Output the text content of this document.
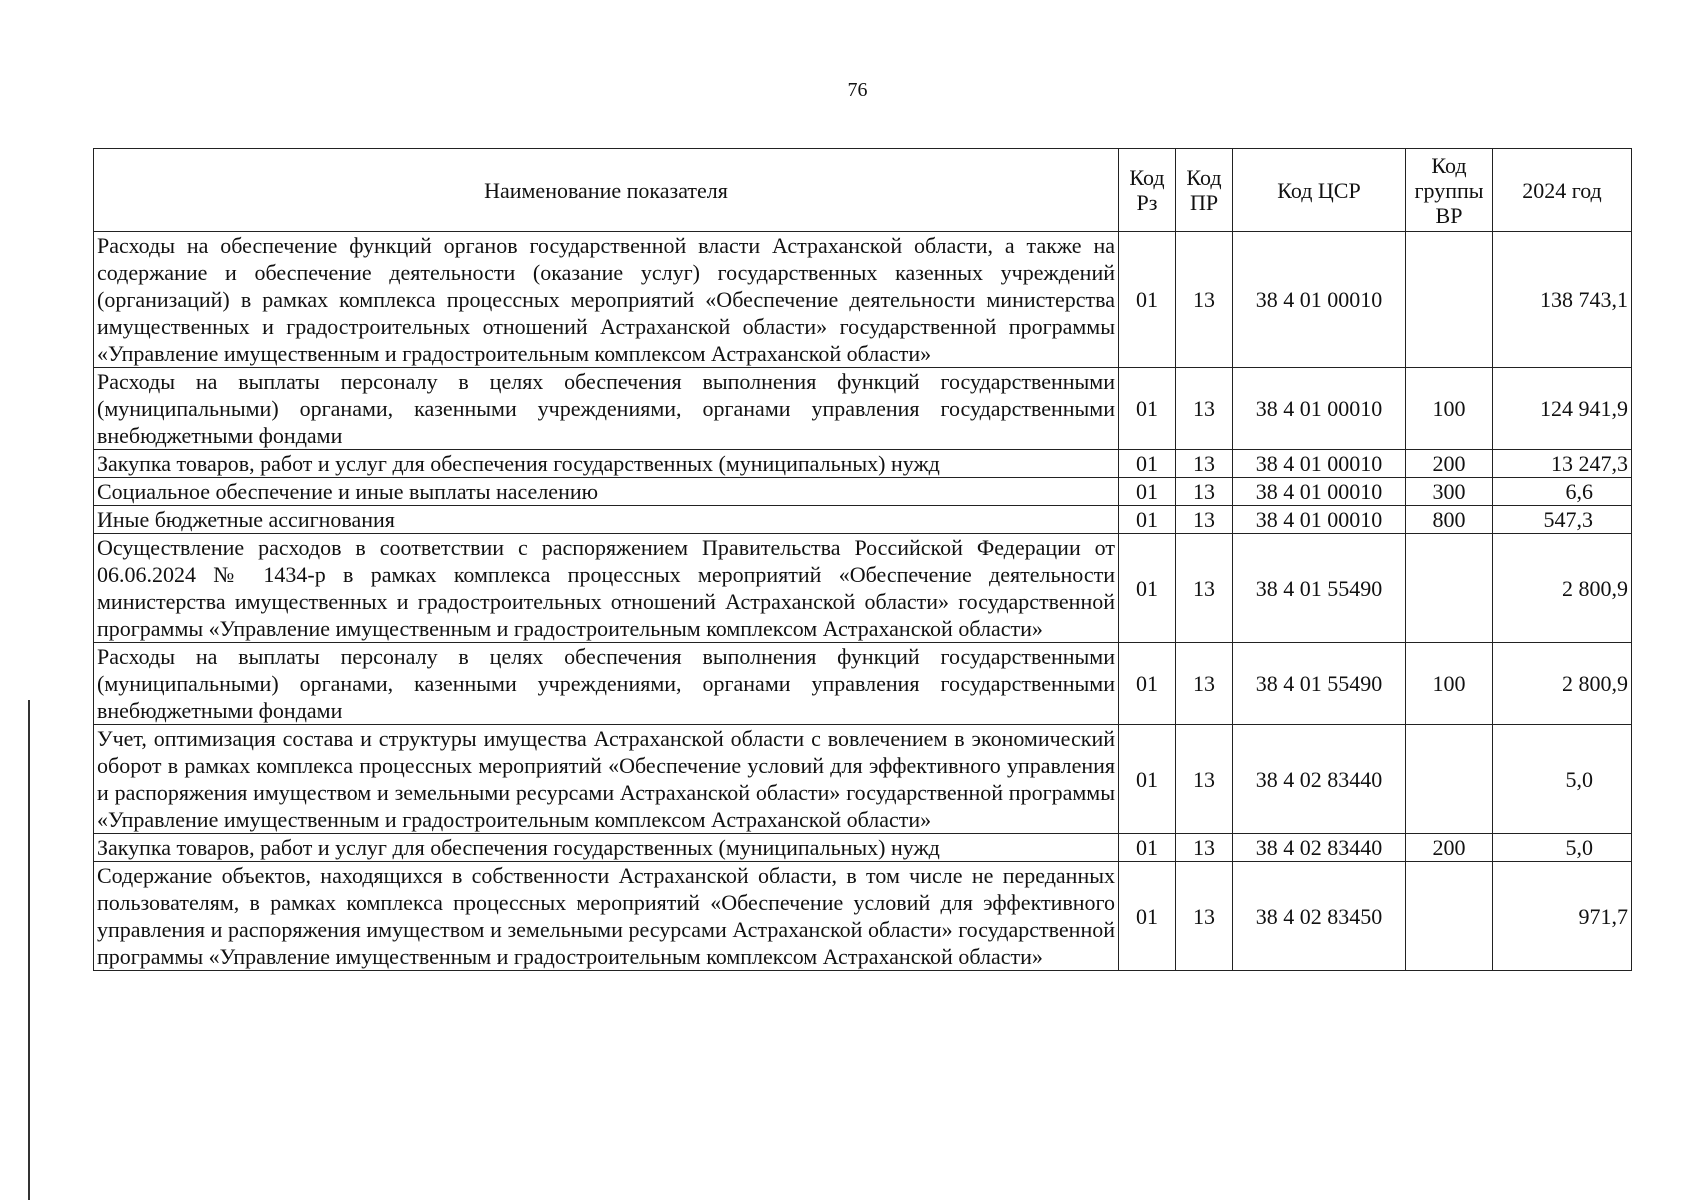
76
Наименование показателя	Код Рз	Код ПР	Код ЦСР	Код группы ВР	2024 год
Расходы на обеспечение функций органов государственной власти Астраханской области, а также на содержание и обеспечение деятельности (оказание услуг) государственных казенных учреждений (организаций) в рамках комплекса процессных мероприятий «Обеспечение деятельности министерства имущественных и градостроительных отношений Астраханской области» государственной программы «Управление имущественным и градостроительным комплексом Астраханской области»	01	13	38 4 01 00010		138 743,1
Расходы на выплаты персоналу в целях обеспечения выполнения функций государственными (муниципальными) органами, казенными учреждениями, органами управления государственными внебюджетными фондами	01	13	38 4 01 00010	100	124 941,9
Закупка товаров, работ и услуг для обеспечения государственных (муниципальных) нужд	01	13	38 4 01 00010	200	13 247,3
Социальное обеспечение и иные выплаты населению	01	13	38 4 01 00010	300	6,6
Иные бюджетные ассигнования	01	13	38 4 01 00010	800	547,3
Осуществление расходов в соответствии с распоряжением Правительства Российской Федерации от 06.06.2024 № 1434-р в рамках комплекса процессных мероприятий «Обеспечение деятельности министерства имущественных и градостроительных отношений Астраханской области» государственной программы «Управление имущественным и градостроительным комплексом Астраханской области»	01	13	38 4 01 55490		2 800,9
Расходы на выплаты персоналу в целях обеспечения выполнения функций государственными (муниципальными) органами, казенными учреждениями, органами управления государственными внебюджетными фондами	01	13	38 4 01 55490	100	2 800,9
Учет, оптимизация состава и структуры имущества Астраханской области с вовлечением в экономический оборот в рамках комплекса процессных мероприятий «Обеспечение условий для эффективного управления и распоряжения имуществом и земельными ресурсами Астраханской области» государственной программы «Управление имущественным и градостроительным комплексом Астраханской области»	01	13	38 4 02 83440		5,0
Закупка товаров, работ и услуг для обеспечения государственных (муниципальных) нужд	01	13	38 4 02 83440	200	5,0
Содержание объектов, находящихся в собственности Астраханской области, в том числе не переданных пользователям, в рамках комплекса процессных мероприятий «Обеспечение условий для эффективного управления и распоряжения имуществом и земельными ресурсами Астраханской области» государственной программы «Управление имущественным и градостроительным комплексом Астраханской области»	01	13	38 4 02 83450		971,7
